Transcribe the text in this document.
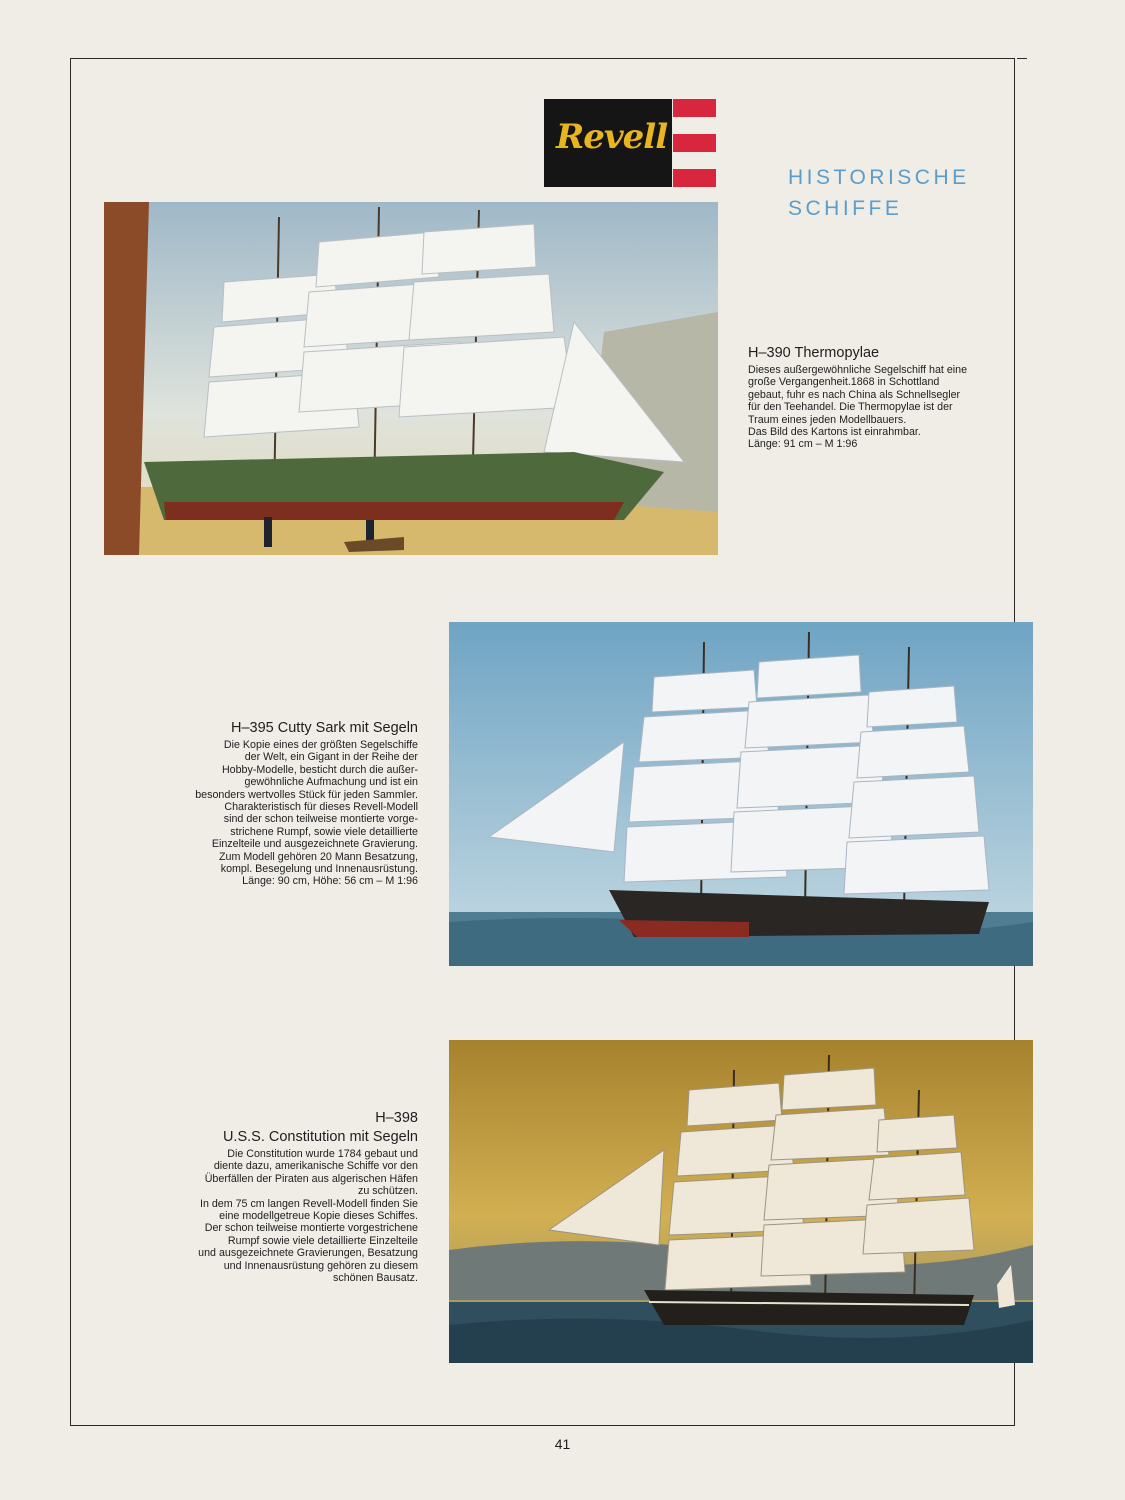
Revell
HISTORISCHE
SCHIFFE
H–390 Thermopylae
Dieses außergewöhnliche Segelschiff hat eine
große Vergangenheit.1868 in Schottland
gebaut, fuhr es nach China als Schnellsegler
für den Teehandel. Die Thermopylae ist der
Traum eines jeden Modellbauers.
Das Bild des Kartons ist einrahmbar.
Länge: 91 cm – M 1:96
H–395 Cutty Sark mit Segeln
Die Kopie eines der größten Segelschiffe
der Welt, ein Gigant in der Reihe der
Hobby-Modelle, besticht durch die außer-
gewöhnliche Aufmachung und ist ein
besonders wertvolles Stück für jeden Sammler.
Charakteristisch für dieses Revell-Modell
sind der schon teilweise montierte vorge-
strichene Rumpf, sowie viele detaillierte
Einzelteile und ausgezeichnete Gravierung.
Zum Modell gehören 20 Mann Besatzung,
kompl. Besegelung und Innenausrüstung.
Länge: 90 cm, Höhe: 56 cm – M 1:96
H–398
U.S.S. Constitution mit Segeln
Die Constitution wurde 1784 gebaut und
diente dazu, amerikanische Schiffe vor den
Überfällen der Piraten aus algerischen Häfen
zu schützen.
In dem 75 cm langen Revell-Modell finden Sie
eine modellgetreue Kopie dieses Schiffes.
Der schon teilweise montierte vorgestrichene
Rumpf sowie viele detaillierte Einzelteile
und ausgezeichnete Gravierungen, Besatzung
und Innenausrüstung gehören zu diesem
schönen Bausatz.
41
